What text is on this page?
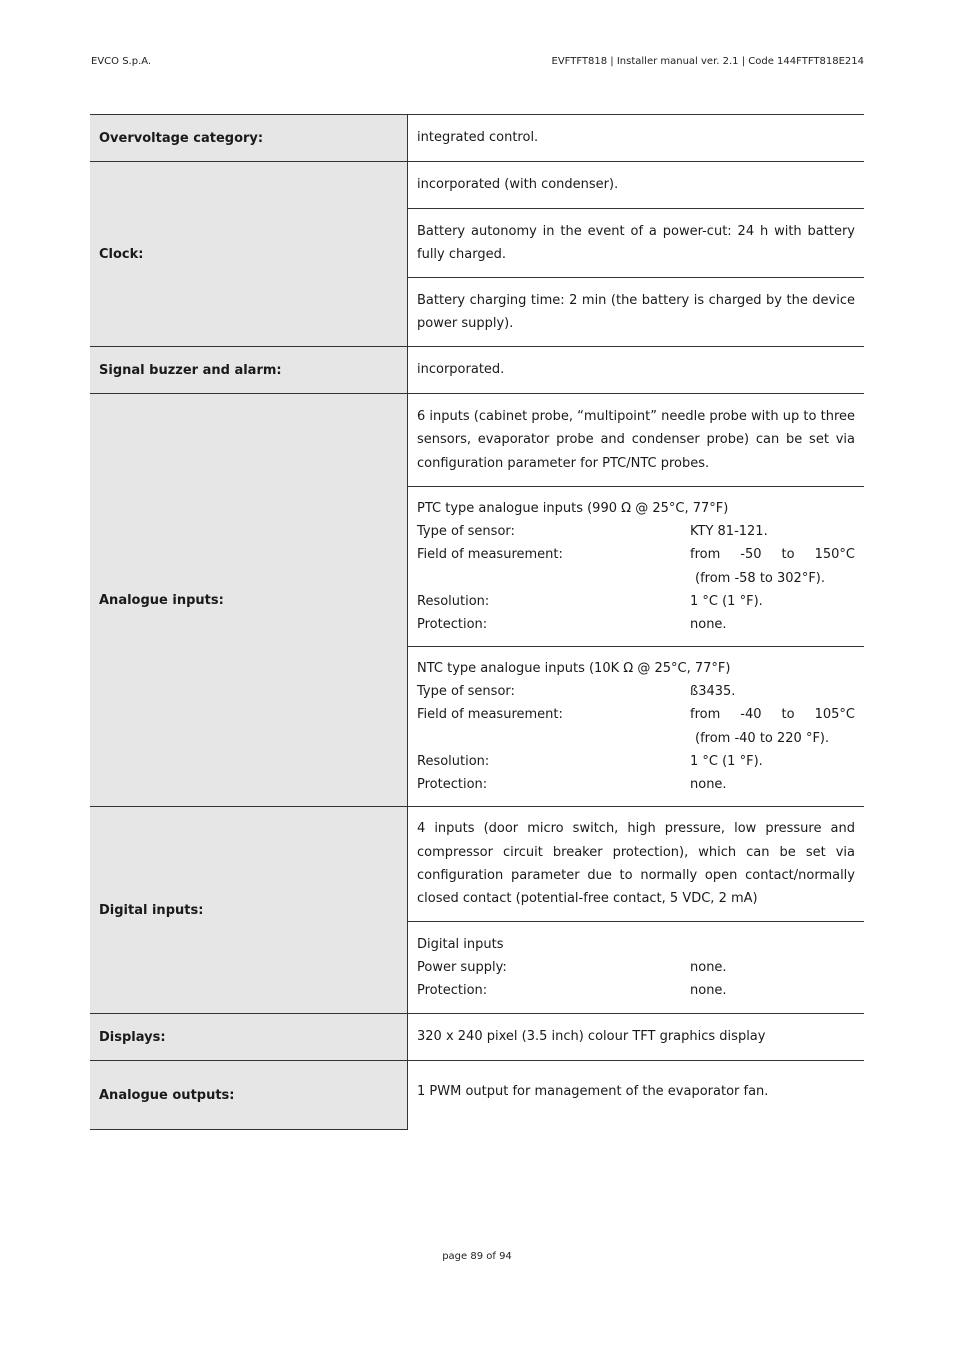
EVCO S.p.A.	EVFTFT818 | Installer manual ver. 2.1 | Code 144FTFT818E214
Overvoltage category:	integrated control.
Clock:
incorporated (with condenser).
Battery autonomy in the event of a power-cut: 24 h with battery fully charged.
Battery charging time: 2 min (the battery is charged by the device power supply).
Signal buzzer and alarm:	incorporated.
Analogue inputs:
6 inputs (cabinet probe, “multipoint” needle probe with up to three sensors, evaporator probe and condenser probe) can be set via configuration parameter for PTC/NTC probes.
PTC type analogue inputs (990 Ω @ 25°C, 77°F)
Type of sensor:	KTY 81-121.
Field of measurement:	from -50 to 150°C
(from -58 to 302°F).
Resolution:	1 °C (1 °F).
Protection:	none.
NTC type analogue inputs (10K Ω @ 25°C, 77°F)
Type of sensor:	ß3435.
Field of measurement:	from -40 to 105°C
(from -40 to 220 °F).
Resolution:	1 °C (1 °F).
Protection:	none.
Digital inputs:
4 inputs (door micro switch, high pressure, low pressure and compressor circuit breaker protection), which can be set via configuration parameter due to normally open contact/normally closed contact (potential-free contact, 5 VDC, 2 mA)
Digital inputs
Power supply:	none.
Protection:	none.
Displays:	320 x 240 pixel (3.5 inch) colour TFT graphics display
Analogue outputs:	1 PWM output for management of the evaporator fan.
page 89 of 94
